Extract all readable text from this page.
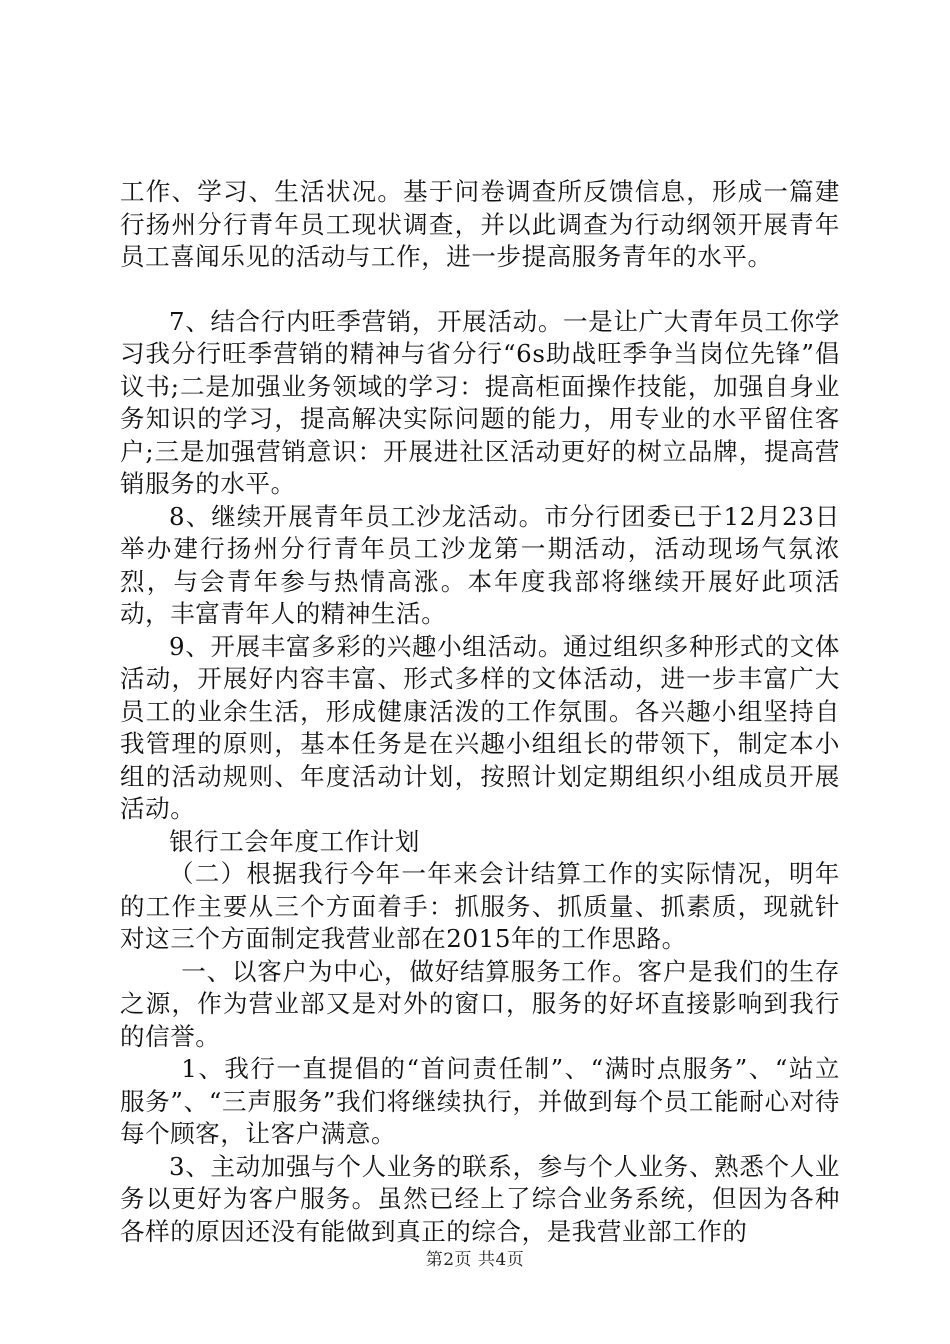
工作、学习、生活状况。基于问卷调查所反馈信息，形成一篇建行扬州分行青年员工现状调查，并以此调查为行动纲领开展青年员工喜闻乐见的活动与工作，进一步提高服务青年的水平。

7、结合行内旺季营销，开展活动。一是让广大青年员工你学习我分行旺季营销的精神与省分行“6s助战旺季争当岗位先锋”倡议书;二是加强业务领域的学习：提高柜面操作技能，加强自身业务知识的学习，提高解决实际问题的能力，用专业的水平留住客户;三是加强营销意识：开展进社区活动更好的树立品牌，提高营销服务的水平。

8、继续开展青年员工沙龙活动。市分行团委已于12月23日举办建行扬州分行青年员工沙龙第一期活动，活动现场气氛浓烈，与会青年参与热情高涨。本年度我部将继续开展好此项活动，丰富青年人的精神生活。

9、开展丰富多彩的兴趣小组活动。通过组织多种形式的文体活动，开展好内容丰富、形式多样的文体活动，进一步丰富广大员工的业余生活，形成健康活泼的工作氛围。各兴趣小组坚持自我管理的原则，基本任务是在兴趣小组组长的带领下，制定本小组的活动规则、年度活动计划，按照计划定期组织小组成员开展活动。

银行工会年度工作计划

（二）根据我行今年一年来会计结算工作的实际情况，明年的工作主要从三个方面着手：抓服务、抓质量、抓素质，现就针对这三个方面制定我营业部在2015年的工作思路。

一、以客户为中心，做好结算服务工作。客户是我们的生存之源，作为营业部又是对外的窗口，服务的好坏直接影响到我行的信誉。

1、我行一直提倡的“首问责任制”、“满时点服务”、“站立服务”、“三声服务”我们将继续执行，并做到每个员工能耐心对待每个顾客，让客户满意。

3、主动加强与个人业务的联系，参与个人业务、熟悉个人业务以更好为客户服务。虽然已经上了综合业务系统，但因为各种各样的原因还没有能做到真正的综合，是我营业部工作的

第2页 共4页
